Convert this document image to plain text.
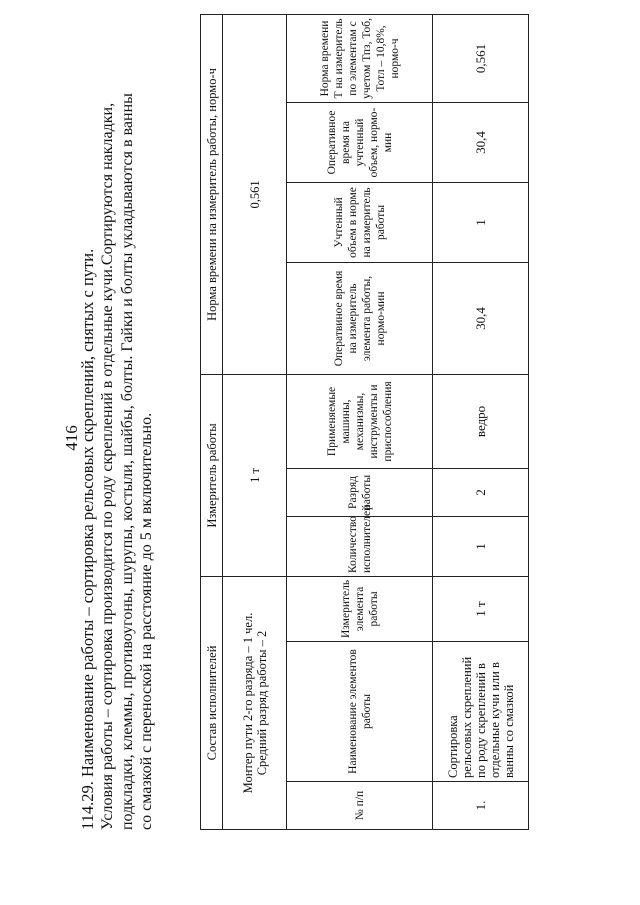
416
114.29. Наименование работы – сортировка рельсовых скреплений, снятых с пути. Условия работы – сортировка производится по роду скреплений в отдельные кучи.Сортируются накладки, подкладки, клеммы, противоугоны, шурупы, костыли, шайбы, болты. Гайки и болты укладываются в ванны со смазкой с переноской на расстояние до 5 м включительно.	Состав исполнителей			Измеритель работы			Норма времени на измеритель работы, нормо-ч			

Монтер пути 2-го разряда – 1 чел. Средний разряд работы – 2			1 т			0,561			
№ п/п	Наименование элементов работы	Измеритель элемента работы	Количество исполнителей	Разряд работы	Применяемые машины, механизмы, инструменты и приспособления	Оператвиное время на измеритель элемента работы, нормо-мин	Учтенный объем в норме на измеритель работы	Оперативное время на учтенный объем, нормо-мин	Норма времени Т на измеритель по элементам с учетом Тпз, Тоб, Тотл – 10,8%, нормо-ч
1.	Сортировка рельсовых скреплений по роду скреплений в отдельные кучи или в ванны со смазкой	1 т	1	2	ведро	30,4	1	30,4	0,561
